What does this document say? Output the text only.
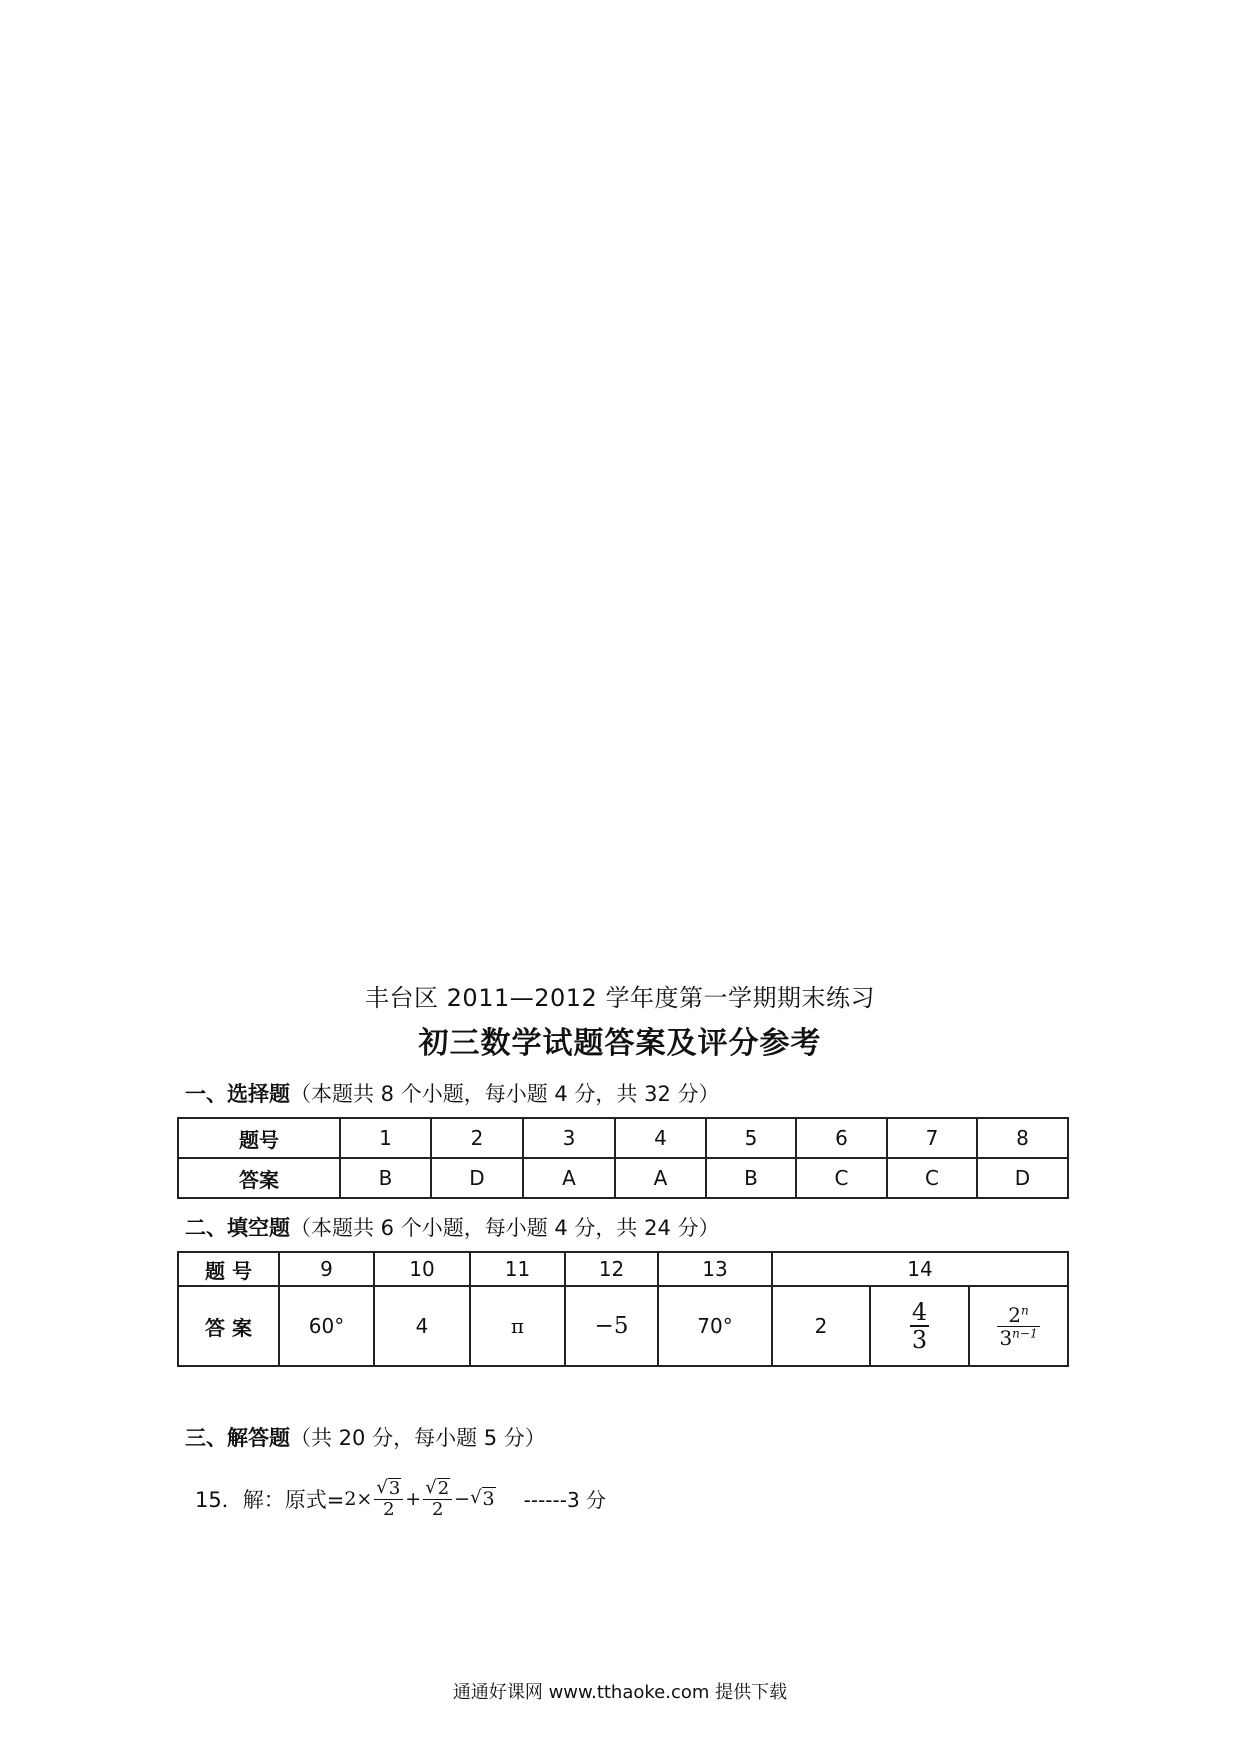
丰台区 2011—2012 学年度第一学期期末练习
初三数学试题答案及评分参考
一、选择题（本题共 8 个小题，每小题 4 分，共 32 分）
题号	1	2	3	4	5	6	7	8
答案	B	D	A	A	B	C	C	D
二、填空题（本题共 6 个小题，每小题 4 分，共 24 分）
题 号	9	10	11	12	13	14		
答 案	60°	4	π	−5	70°	2	$\frac{4}{3}$	$\frac{2^n}{3^{n-1}}$
三、解答题（共 20 分，每小题 5 分）
15．解：原式= $2\times \frac{√ 3}{2} + \frac{√ 2}{2}$ − √ 3 ------3 分
通通好课网 www.tthaoke.com 提供下载
